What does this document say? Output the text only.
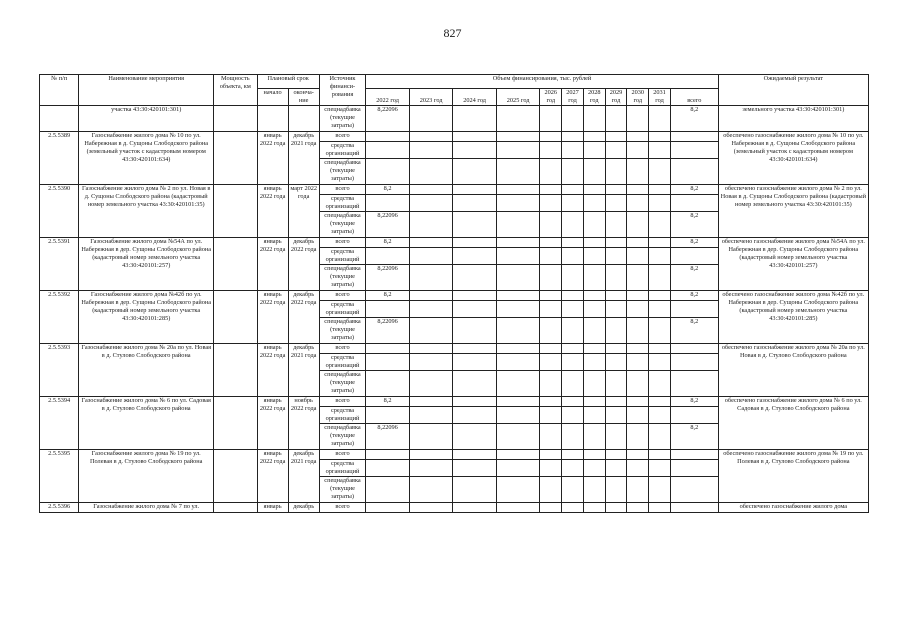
827
№ п/п	Наименование мероприятия	Мощность объекта, км	Плановый срок		Источник финанси-рования	Объем финансирования, тыс. рублей											Ожидаемый результат
			начало	оконча-ние		2022 год	2023 год	2024 год	2025 год	2026 год	2027 год	2028 год	2029 год	2030 год	2031 год	всего	

	участка 43:30:420101:301)				спецнадбавка (текущие затраты)	8,22096										8,2	земельного участка 43:30:420101:301)
2.5.5389	Газоснабжение жилого дома № 10 по ул. Набережная в д. Сущоны Слободского района (земельный участок с кадастровым номером 43:30:420101:634)		январь 2022 года	декабрь 2021 года	всего												обеспечено газоснабжение жилого дома № 10 по ул. Набережная в д. Сущоны Слободского района (земельный участок с кадастровым номером 43:30:420101:634)
					средства организаций												
					спецнадбавка (текущие затраты)												
2.5.5390	Газоснабжение жилого дома № 2 по ул. Новая в д. Сущоны Слободского района (кадастровый номер земельного участка 43:30:420101:35)		январь 2022 года	март 2022 года	всего	8,2										8,2	обеспечено газоснабжение жилого дома № 2 по ул. Новая в д. Сущоны Слободского района (кадастровый номер земельного участка 43:30:420101:35)
					средства организаций												
					спецнадбавка (текущие затраты)	8,22096										8,2	
2.5.5391	Газоснабжение жилого дома №54А по ул. Набережная в дер. Сущоны Слободского района (кадастровый номер земельного участка 43:30:420101:257)		январь 2022 года	декабрь 2022 года	всего	8,2										8,2	обеспечено газоснабжение жилого дома №54А по ул. Набережная в дер. Сущоны Слободского района (кадастровый номер земельного участка 43:30:420101:257)
					средства организаций												
					спецнадбавка (текущие затраты)	8,22096										8,2	
2.5.5392	Газоснабжение жилого дома №42б по ул. Набережная в дер. Сущоны Слободского района (кадастровый номер земельного участка 43:30:420101:285)		январь 2022 года	декабрь 2022 года	всего	8,2										8,2	обеспечено газоснабжение жилого дома №42б по ул. Набережная в дер. Сущоны Слободского района (кадастровый номер земельного участка 43:30:420101:285)
					средства организаций												
					спецнадбавка (текущие затраты)	8,22096										8,2	
2.5.5393	Газоснабжение жилого дома № 20а по ул. Новая в д. Стулово Слободского района		январь 2022 года	декабрь 2021 года	всего												обеспечено газоснабжение жилого дома № 20а по ул. Новая в д. Стулово Слободского района
					средства организаций												
					спецнадбавка (текущие затраты)												
2.5.5394	Газоснабжение жилого дома № 6 по ул. Садовая в д. Стулово Слободского района		январь 2022 года	ноябрь 2022 года	всего	8,2										8,2	обеспечено газоснабжение жилого дома № 6 по ул. Садовая в д. Стулово Слободского района
					средства организаций												
					спецнадбавка (текущие затраты)	8,22096										8,2	
2.5.5395	Газоснабжение жилого дома № 19 по ул. Полевая в д. Стулово Слободского района		январь 2022 года	декабрь 2021 года	всего												обеспечено газоснабжение жилого дома № 19 по ул. Полевая в д. Стулово Слободского района
					средства организаций												
					спецнадбавка (текущие затраты)												
2.5.5396	Газоснабжение жилого дома № 7 по ул.		январь	декабрь	всего												обеспечено газоснабжение жилого дома
